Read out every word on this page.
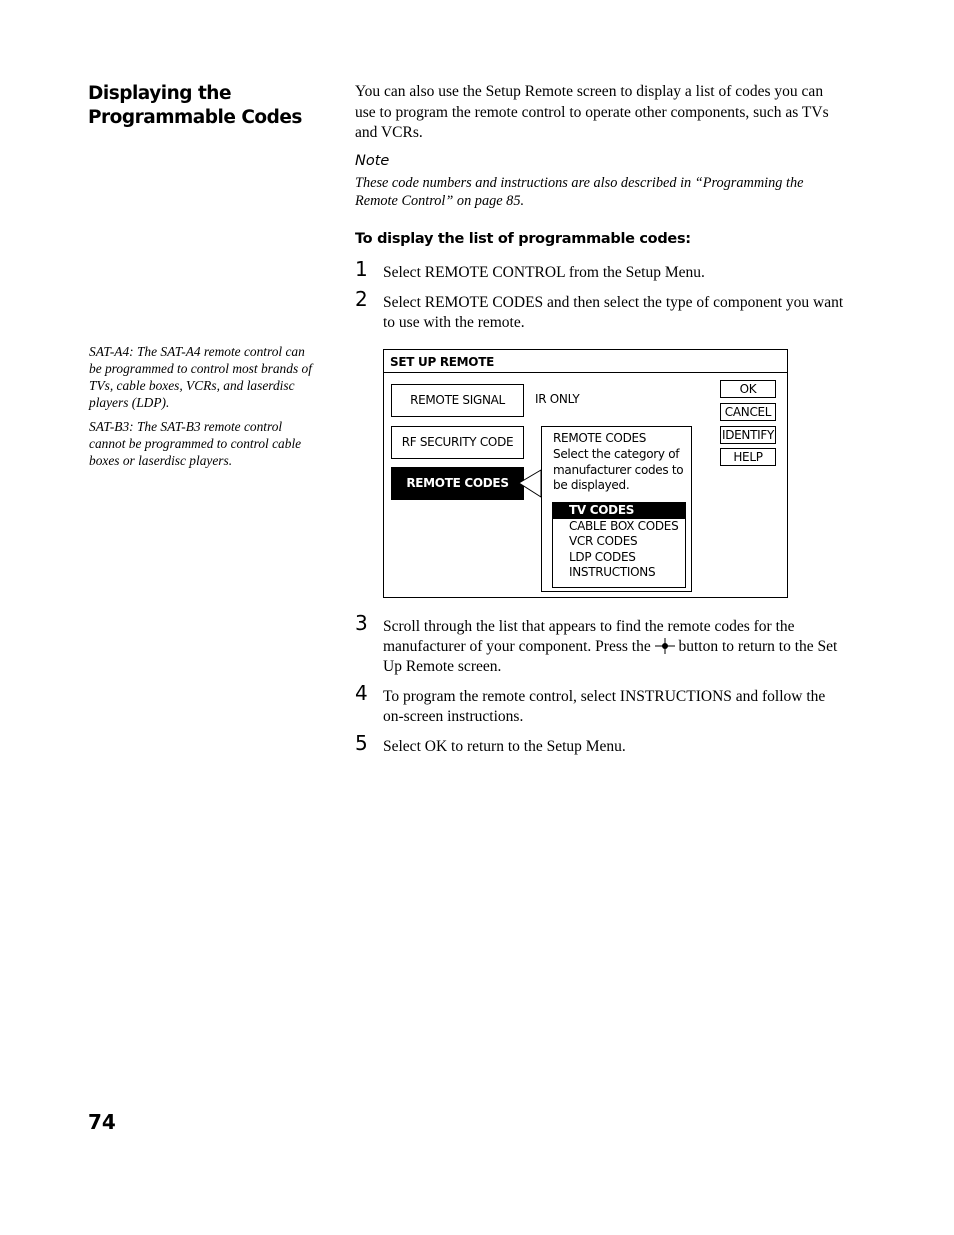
Displaying the
Programmable Codes

SAT-A4: The SAT-A4 remote control can be programmed to control most brands of TVs, cable boxes, VCRs, and laserdisc players (LDP).

SAT-B3: The SAT-B3 remote control cannot be programmed to control cable boxes or laserdisc players.

You can also use the Setup Remote screen to display a list of codes you can use to program the remote control to operate other components, such as TVs and VCRs.
Note
These code numbers and instructions are also described in “Programming the Remote Control” on page 85.
To display the list of programmable codes:
1 Select REMOTE CONTROL from the Setup Menu.
2 Select REMOTE CODES and then select the type of component you want to use with the remote.
SET UP REMOTE
REMOTE SIGNAL	IR ONLY
RF SECURITY CODE
REMOTE CODES
OK
CANCEL
IDENTIFY
HELP
REMOTE CODES
Select the category of manufacturer codes to be displayed.
TV CODES
CABLE BOX CODES
VCR CODES
LDP CODES
INSTRUCTIONS
3 Scroll through the list that appears to find the remote codes for the manufacturer of your component. Press the button to return to the Set Up Remote screen.
4 To program the remote control, select INSTRUCTIONS and follow the on-screen instructions.
5 Select OK to return to the Setup Menu.
74
